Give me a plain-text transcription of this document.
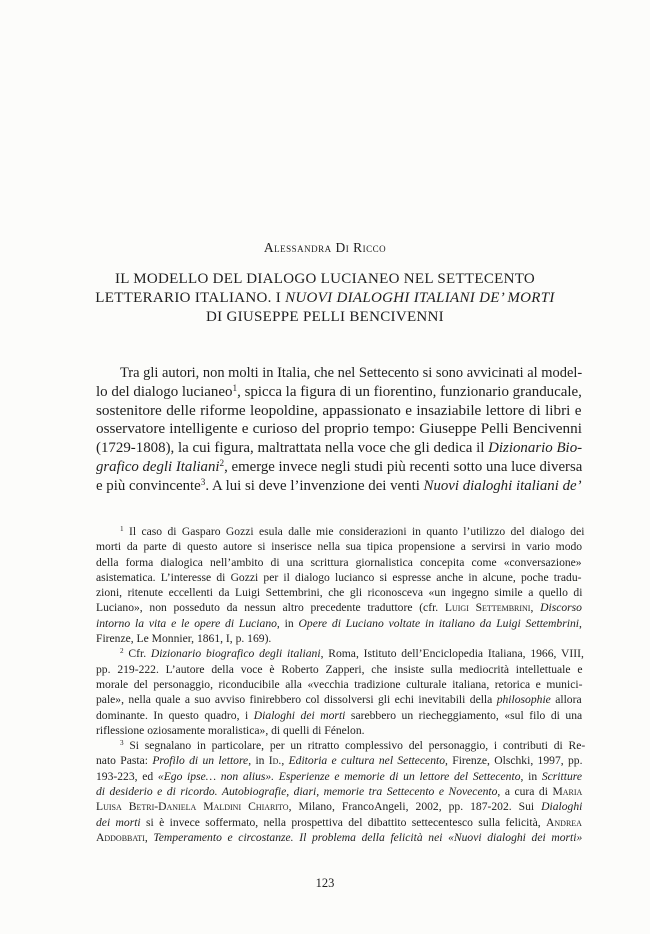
Alessandra Di Ricco
IL MODELLO DEL DIALOGO LUCIANEO NEL SETTECENTO
LETTERARIO ITALIANO. I NUOVI DIALOGHI ITALIANI DE’ MORTI
DI GIUSEPPE PELLI BENCIVENNI
Tra gli autori, non molti in Italia, che nel Settecento si sono avvicinati al model-
lo del dialogo lucianeo$^1$, spicca la figura di un fiorentino, funzionario granducale,
sostenitore delle riforme leopoldine, appassionato e insaziabile lettore di libri e
osservatore intelligente e curioso del proprio tempo: Giuseppe Pelli Bencivenni
(1729-1808), la cui figura, maltrattata nella voce che gli dedica il Dizionario Bio-
grafico degli Italiani$^2$, emerge invece negli studi più recenti sotto una luce diversa
e più convincente$^3$. A lui si deve l’invenzione dei venti Nuovi dialoghi italiani de’
$^1$ Il caso di Gasparo Gozzi esula dalle mie considerazioni in quanto l’utilizzo del dialogo dei
morti da parte di questo autore si inserisce nella sua tipica propensione a servirsi in vario modo
della forma dialogica nell’ambito di una scrittura giornalistica concepita come «conversazione»
asistematica. L’interesse di Gozzi per il dialogo lucianco si espresse anche in alcune, poche tradu-
zioni, ritenute eccellenti da Luigi Settembrini, che gli riconosceva «un ingegno simile a quello di
Luciano», non posseduto da nessun altro precedente traduttore (cfr. Luigi Settembrini, Discorso
intorno la vita e le opere di Luciano, in Opere di Luciano voltate in italiano da Luigi Settembrini,
Firenze, Le Monnier, 1861, I, p. 169).
$^2$ Cfr. Dizionario biografico degli italiani, Roma, Istituto dell’Enciclopedia Italiana, 1966, VIII,
pp. 219-222. L’autore della voce è Roberto Zapperi, che insiste sulla mediocrità intellettuale e
morale del personaggio, riconducibile alla «vecchia tradizione culturale italiana, retorica e munici-
pale», nella quale a suo avviso finirebbero col dissolversi gli echi inevitabili della philosophie allora
dominante. In questo quadro, i Dialoghi dei morti sarebbero un riecheggiamento, «sul filo di una
riflessione oziosamente moralistica», di quelli di Fénelon.
$^3$ Si segnalano in particolare, per un ritratto complessivo del personaggio, i contributi di Re-
nato Pasta: Profilo di un lettore, in Id., Editoria e cultura nel Settecento, Firenze, Olschki, 1997, pp.
193-223, ed «Ego ipse… non alius». Esperienze e memorie di un lettore del Settecento, in Scritture
di desiderio e di ricordo. Autobiografie, diari, memorie tra Settecento e Novecento, a cura di Maria
Luisa Betri-Daniela Maldini Chiarito, Milano, FrancoAngeli, 2002, pp. 187-202. Sui Dialoghi
dei morti si è invece soffermato, nella prospettiva del dibattito settecentesco sulla felicità, Andrea
Addobbati, Temperamento e circostanze. Il problema della felicità nei «Nuovi dialoghi dei morti»
123
